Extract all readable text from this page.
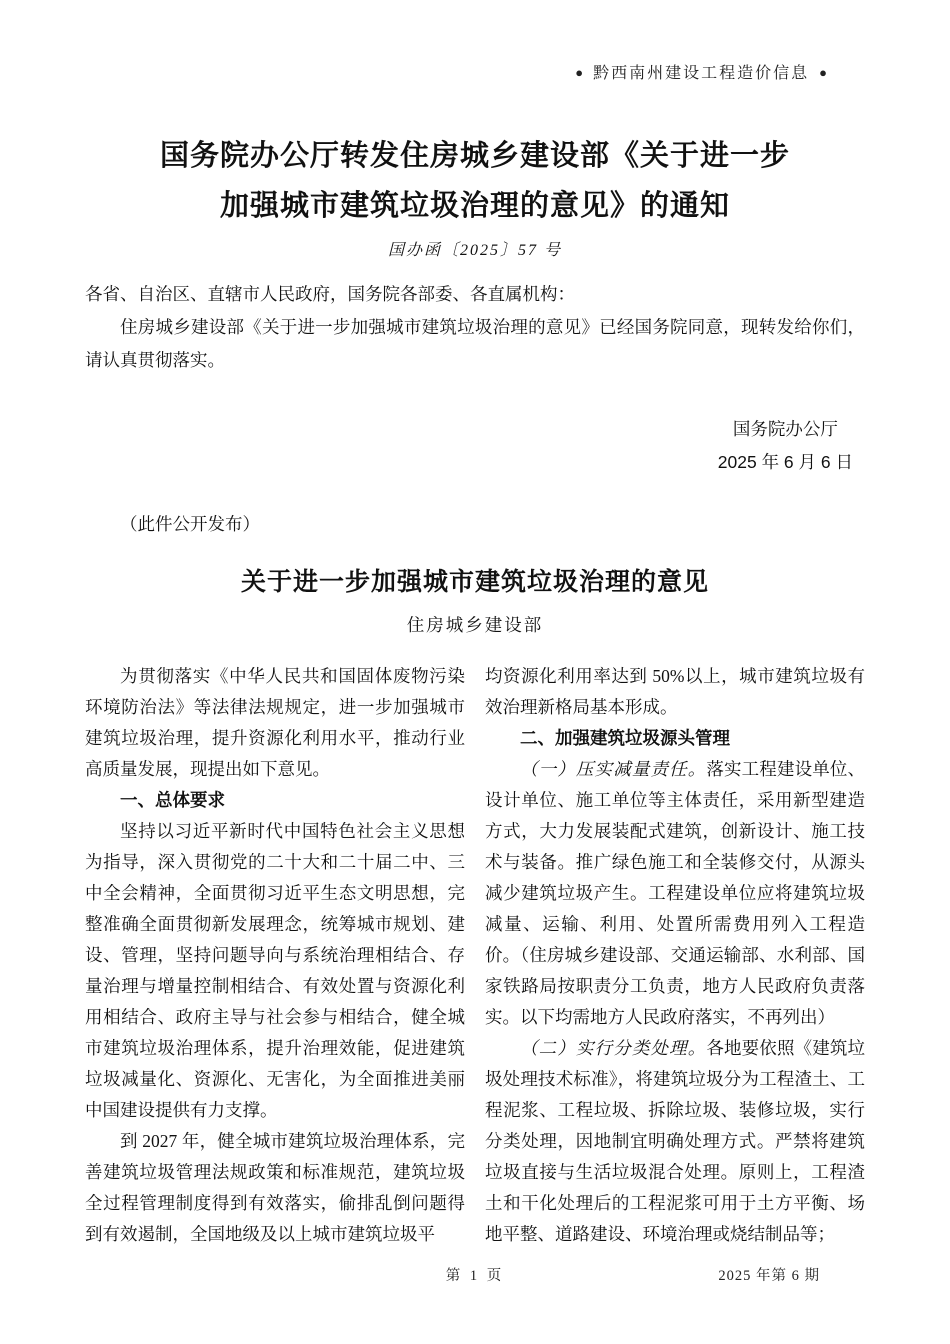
● 黔西南州建设工程造价信息 ●
国务院办公厅转发住房城乡建设部《关于进一步
加强城市建筑垃圾治理的意见》的通知
国办函〔2025〕57 号

各省、自治区、直辖市人民政府，国务院各部委、各直属机构：

住房城乡建设部《关于进一步加强城市建筑垃圾治理的意见》已经国务院同意，现转发给你们，请认真贯彻落实。

国务院办公厅
2025 年 6 月 6 日

（此件公开发布）

关于进一步加强城市建筑垃圾治理的意见
住房城乡建设部

为贯彻落实《中华人民共和国固体废物污染环境防治法》等法律法规规定，进一步加强城市建筑垃圾治理，提升资源化利用水平，推动行业高质量发展，现提出如下意见。

一、总体要求

坚持以习近平新时代中国特色社会主义思想为指导，深入贯彻党的二十大和二十届二中、三中全会精神，全面贯彻习近平生态文明思想，完整准确全面贯彻新发展理念，统筹城市规划、建设、管理，坚持问题导向与系统治理相结合、存量治理与增量控制相结合、有效处置与资源化利用相结合、政府主导与社会参与相结合，健全城市建筑垃圾治理体系，提升治理效能，促进建筑垃圾减量化、资源化、无害化，为全面推进美丽中国建设提供有力支撑。

到 2027 年，健全城市建筑垃圾治理体系，完善建筑垃圾管理法规政策和标准规范，建筑垃圾全过程管理制度得到有效落实，偷排乱倒问题得到有效遏制，全国地级及以上城市建筑垃圾平

均资源化利用率达到 50%以上，城市建筑垃圾有效治理新格局基本形成。

二、加强建筑垃圾源头管理

（一）压实减量责任。落实工程建设单位、设计单位、施工单位等主体责任，采用新型建造方式，大力发展装配式建筑，创新设计、施工技术与装备。推广绿色施工和全装修交付，从源头减少建筑垃圾产生。工程建设单位应将建筑垃圾减量、运输、利用、处置所需费用列入工程造价。（住房城乡建设部、交通运输部、水利部、国家铁路局按职责分工负责，地方人民政府负责落实。以下均需地方人民政府落实，不再列出）

（二）实行分类处理。各地要依照《建筑垃圾处理技术标准》，将建筑垃圾分为工程渣土、工程泥浆、工程垃圾、拆除垃圾、装修垃圾，实行分类处理，因地制宜明确处理方式。严禁将建筑垃圾直接与生活垃圾混合处理。原则上，工程渣土和干化处理后的工程泥浆可用于土方平衡、场地平整、道路建设、环境治理或烧结制品等；

第 1 页	2025 年第 6 期
